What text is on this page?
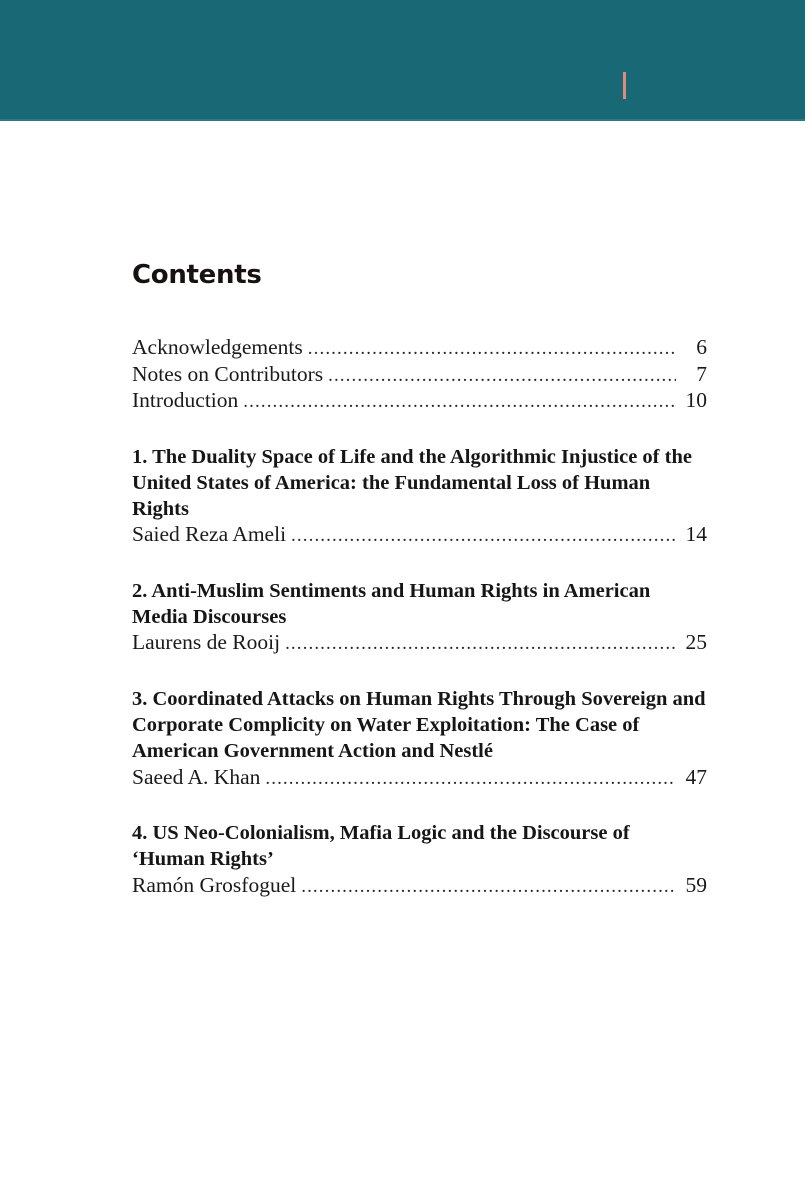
Contents
Acknowledgements .....	6
Notes on Contributors .....	7
Introduction .....	10
1. The Duality Space of Life and the Algorithmic Injustice of the United States of America: the Fundamental Loss of Human Rights
Saied Reza Ameli .....	14
2. Anti-Muslim Sentiments and Human Rights in American Media Discourses
Laurens de Rooij .....	25
3. Coordinated Attacks on Human Rights Through Sovereign and Corporate Complicity on Water Exploitation: The Case of American Government Action and Nestlé
Saeed A. Khan .....	47
4. US Neo-Colonialism, Mafia Logic and the Discourse of ‘Human Rights’
Ramón Grosfoguel .....	59
